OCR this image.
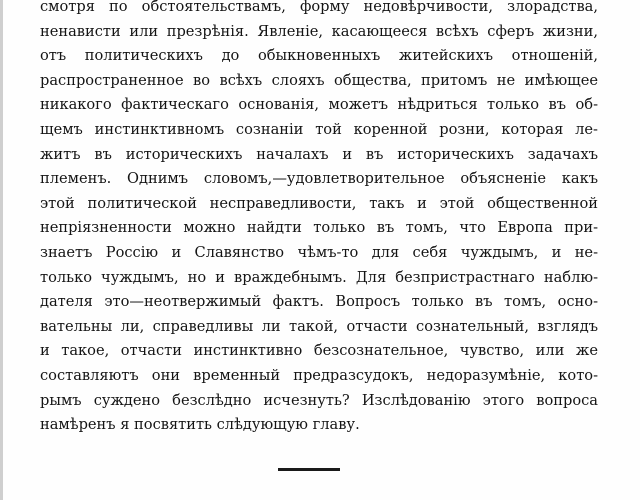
смотря по обстоятельствамъ, форму недовѣрчивости, злорадства,
ненависти или презрѣнія. Явленіе, касающееся всѣхъ сферъ жизни,
отъ политическихъ до обыкновенныхъ житейскихъ отношеній,
распространенное во всѣхъ слояхъ общества, притомъ не имѣющее
никакого фактическаго основанія, можетъ нѣдриться только въ об-
щемъ инстинктивномъ сознаніи той коренной розни, которая ле-
житъ въ историческихъ началахъ и въ историческихъ задачахъ
племенъ. Однимъ словомъ,—удовлетворительное объясненіе какъ
этой политической несправедливости, такъ и этой общественной
непріязненности можно найдти только въ томъ, что Европа при-
знаетъ Россію и Славянство чѣмъ-то для себя чуждымъ, и не-
только чуждымъ, но и враждебнымъ. Для безпристрастнаго наблю-
дателя это—неотвержимый фактъ. Вопросъ только въ томъ, осно-
вательны ли, справедливы ли такой, отчасти сознательный, взглядъ
и такое, отчасти инстинктивно безсознательное, чувство, или же
составляютъ они временный предразсудокъ, недоразумѣніе, кото-
рымъ суждено безслѣдно исчезнуть? Изслѣдованію этого вопроса
намѣренъ я посвятить слѣдующую главу.
